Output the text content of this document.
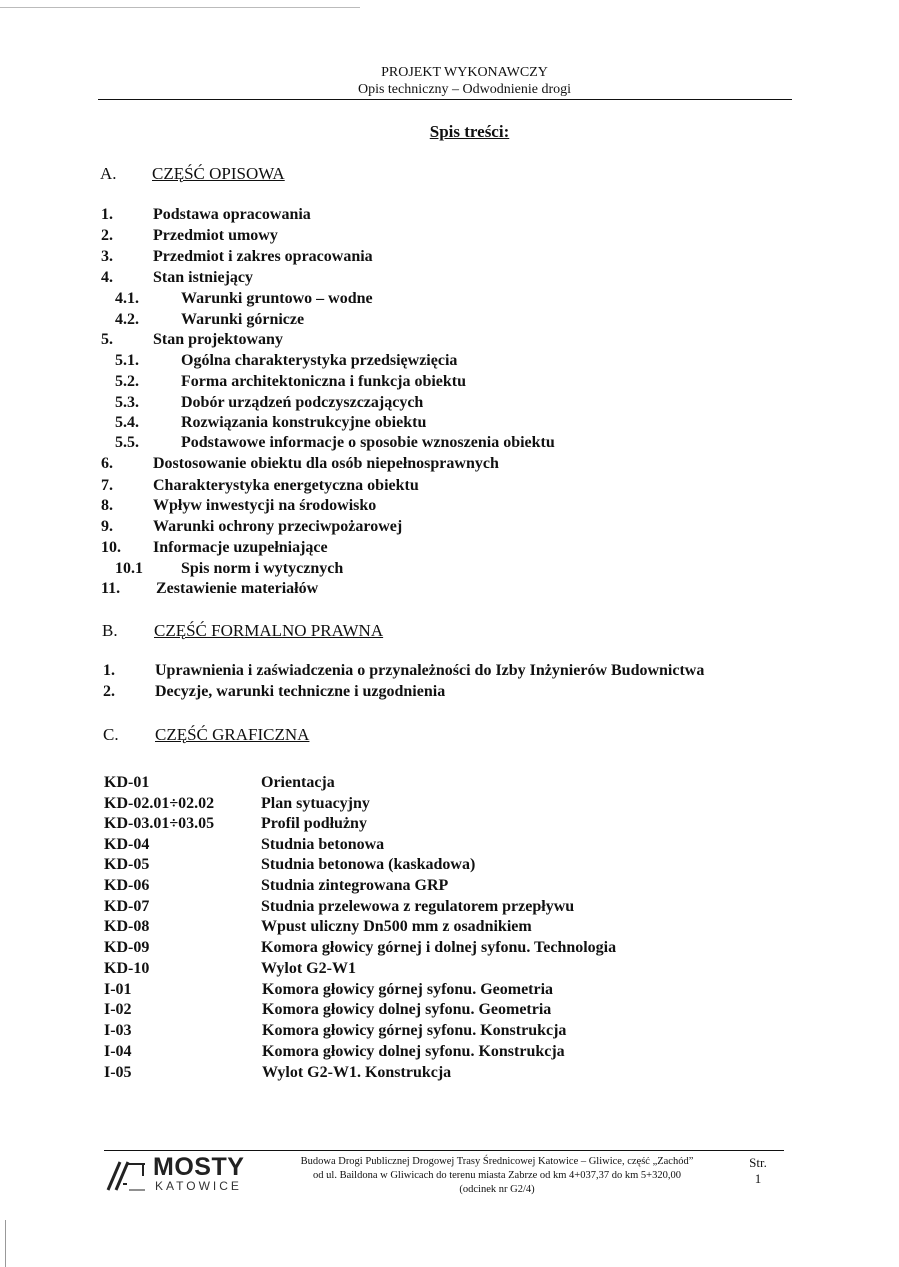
PROJEKT WYKONAWCZY
Opis techniczny – Odwodnienie drogi
Spis treści:
A. CZĘŚĆ OPISOWA
1.	Podstawa opracowania
2.	Przedmiot umowy
3.	Przedmiot i zakres opracowania
4.	Stan istniejący
4.1.	Warunki gruntowo – wodne
4.2.	Warunki górnicze
5.	Stan projektowany
5.1.	Ogólna charakterystyka przedsięwzięcia
5.2.	Forma architektoniczna i funkcja obiektu
5.3.	Dobór urządzeń podczyszczających
5.4.	Rozwiązania konstrukcyjne obiektu
5.5.	Podstawowe informacje o sposobie wznoszenia obiektu
6.	Dostosowanie obiektu dla osób niepełnosprawnych
7.	Charakterystyka energetyczna obiektu
8.	Wpływ inwestycji na środowisko
9.	Warunki ochrony przeciwpożarowej
10. Informacje uzupełniające
10.1 Spis norm i wytycznych
11. Zestawienie materiałów
B. CZĘŚĆ FORMALNO PRAWNA
1.	Uprawnienia i zaświadczenia o przynależności do Izby Inżynierów Budownictwa
2.	Decyzje, warunki techniczne i uzgodnienia
C. CZĘŚĆ GRAFICZNA
KD-01	Orientacja
KD-02.01÷02.02	Plan sytuacyjny
KD-03.01÷03.05	Profil podłużny
KD-04	Studnia betonowa
KD-05	Studnia betonowa (kaskadowa)
KD-06	Studnia zintegrowana GRP
KD-07	Studnia przelewowa z regulatorem przepływu
KD-08	Wpust uliczny Dn500 mm z osadnikiem
KD-09	Komora głowicy górnej i dolnej syfonu. Technologia
KD-10	Wylot G2-W1
I-01	Komora głowicy górnej syfonu. Geometria
I-02	Komora głowicy dolnej syfonu. Geometria
I-03	Komora głowicy górnej syfonu. Konstrukcja
I-04	Komora głowicy dolnej syfonu. Konstrukcja
I-05	Wylot G2-W1. Konstrukcja
MOSTY
KATOWICE
Budowa Drogi Publicznej Drogowej Trasy Średnicowej Katowice – Gliwice, część „Zachód”
od ul. Baildona w Gliwicach do terenu miasta Zabrze od km 4+037,37 do km 5+320,00
(odcinek nr G2/4)
Str.
1
